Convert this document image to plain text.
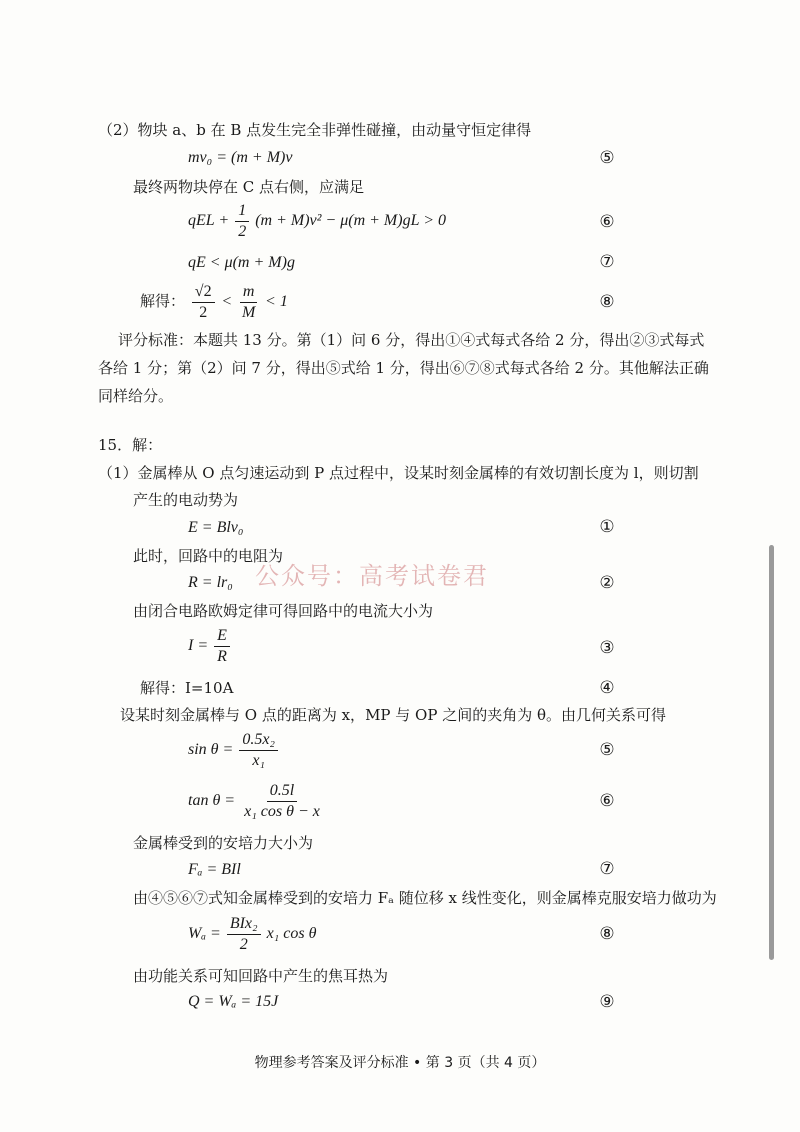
（2）物块 a、b 在 B 点发生完全非弹性碰撞，由动量守恒定律得
mv₀ = (m + M)v	⑤
最终两物块停在 C 点右侧，应满足
qEL + $\frac{1}{2} (m + M)v^2 - \mu(m + M)gL > 0$	⑥
qE < μ(m + M)g	⑦
解得： $\frac{√2}{2} < \frac{m}{M} < 1$	⑧
评分标准：本题共 13 分。第（1）问 6 分，得出①④式每式各给 2 分，得出②③式每式
各给 1 分；第（2）问 7 分，得出⑤式给 1 分，得出⑥⑦⑧式每式各给 2 分。其他解法正确
同样给分。
15．解：
（1）金属棒从 O 点匀速运动到 P 点过程中，设某时刻金属棒的有效切割长度为 l，则切割
产生的电动势为
E = Blv₀	①
此时，回路中的电阻为
R = lr₀	②
由闭合电路欧姆定律可得回路中的电流大小为
$I = \frac{E}{R}$	③
解得：I=10A	④
设某时刻金属棒与 O 点的距离为 x，MP 与 OP 之间的夹角为 θ。由几何关系可得
$\sin \theta = \frac{\text{0.5x₂}}{\text{x₁}}$	⑤
$\tan \theta = \frac{0.5l}{\text{x₁ cos θ − x}}$	⑥
金属棒受到的安培力大小为
Fₐ = BIl	⑦
由④⑤⑥⑦式知金属棒受到的安培力 Fₐ 随位移 x 线性变化，则金属棒克服安培力做功为
$W_a = \frac{\text{BIx₂}}{2} x_1$ cos θ	⑧
由功能关系可知回路中产生的焦耳热为
Q = Wₐ = 15J	⑨
公众号：高考试卷君
物理参考答案及评分标准 • 第 3 页（共 4 页）
